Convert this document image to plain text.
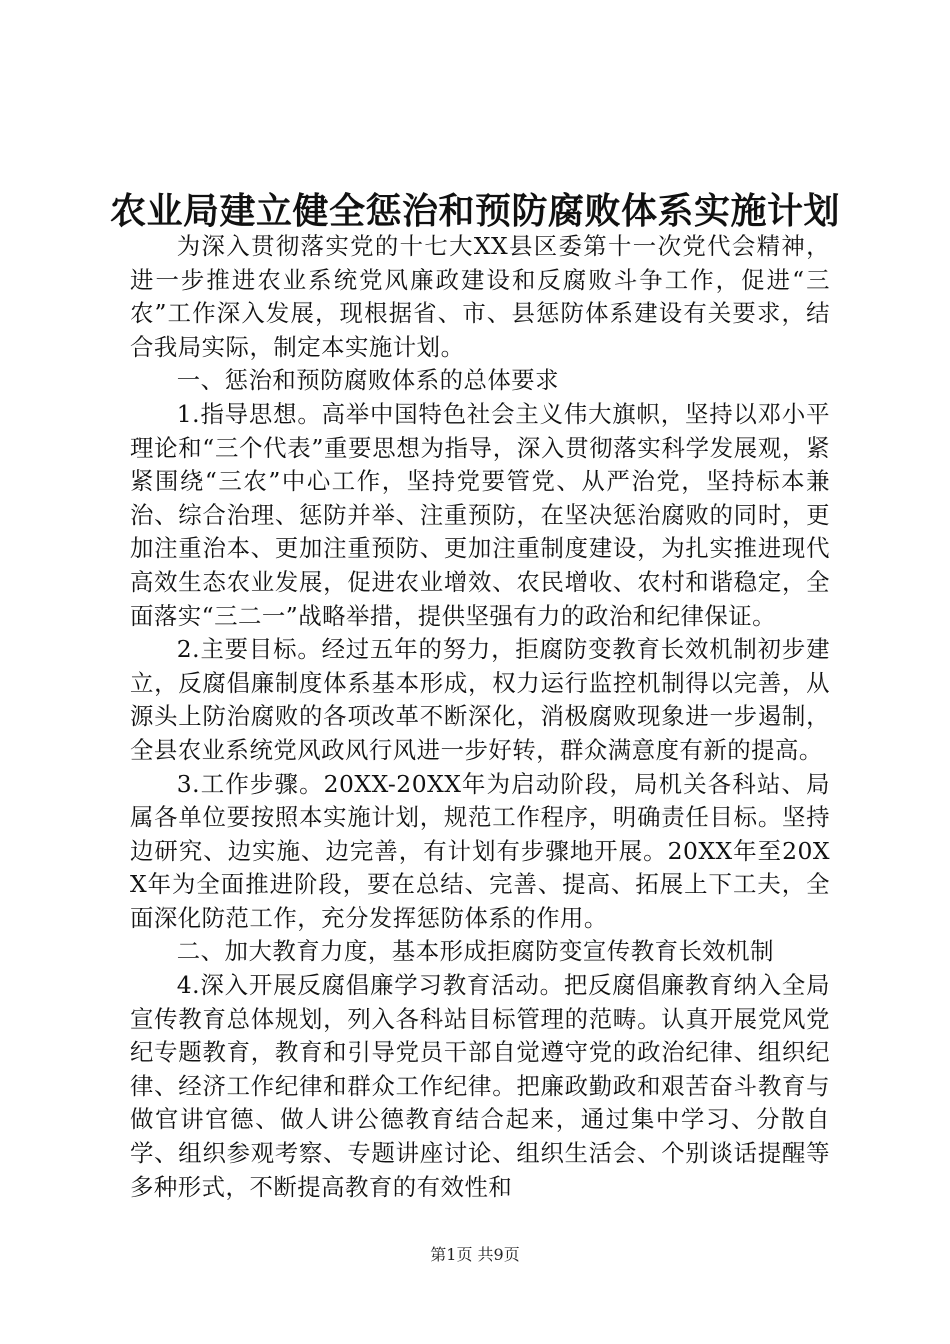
农业局建立健全惩治和预防腐败体系实施计划

为深入贯彻落实党的十七大XX县区委第十一次党代会精神，进一步推进农业系统党风廉政建设和反腐败斗争工作，促进“三农”工作深入发展，现根据省、市、县惩防体系建设有关要求，结合我局实际，制定本实施计划。

一、惩治和预防腐败体系的总体要求

1.指导思想。高举中国特色社会主义伟大旗帜，坚持以邓小平理论和“三个代表”重要思想为指导，深入贯彻落实科学发展观，紧紧围绕“三农”中心工作，坚持党要管党、从严治党，坚持标本兼治、综合治理、惩防并举、注重预防，在坚决惩治腐败的同时，更加注重治本、更加注重预防、更加注重制度建设，为扎实推进现代高效生态农业发展，促进农业增效、农民增收、农村和谐稳定，全面落实“三二一”战略举措，提供坚强有力的政治和纪律保证。

2.主要目标。经过五年的努力，拒腐防变教育长效机制初步建立，反腐倡廉制度体系基本形成，权力运行监控机制得以完善，从源头上防治腐败的各项改革不断深化，消极腐败现象进一步遏制，全县农业系统党风政风行风进一步好转，群众满意度有新的提高。

3.工作步骤。20XX-20XX年为启动阶段，局机关各科站、局属各单位要按照本实施计划，规范工作程序，明确责任目标。坚持边研究、边实施、边完善，有计划有步骤地开展。20XX年至20XX年为全面推进阶段，要在总结、完善、提高、拓展上下工夫，全面深化防范工作，充分发挥惩防体系的作用。

二、加大教育力度，基本形成拒腐防变宣传教育长效机制

4.深入开展反腐倡廉学习教育活动。把反腐倡廉教育纳入全局宣传教育总体规划，列入各科站目标管理的范畴。认真开展党风党纪专题教育，教育和引导党员干部自觉遵守党的政治纪律、组织纪律、经济工作纪律和群众工作纪律。把廉政勤政和艰苦奋斗教育与做官讲官德、做人讲公德教育结合起来，通过集中学习、分散自学、组织参观考察、专题讲座讨论、组织生活会、个别谈话提醒等多种形式，不断提高教育的有效性和

第1页 共9页
